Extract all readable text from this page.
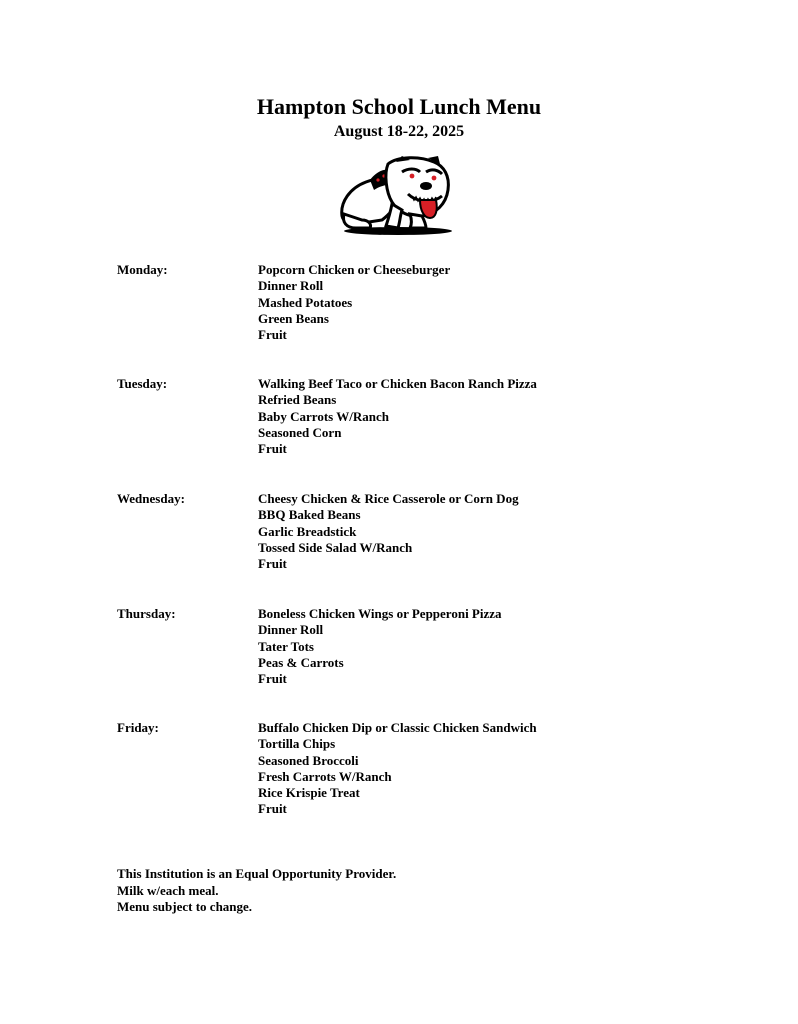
Hampton School Lunch Menu
August 18-22, 2025
Monday:	Popcorn Chicken or Cheeseburger
Dinner Roll
Mashed Potatoes
Green Beans
Fruit
Tuesday:	Walking Beef Taco or Chicken Bacon Ranch Pizza
Refried Beans
Baby Carrots W/Ranch
Seasoned Corn
Fruit
Wednesday:	Cheesy Chicken & Rice Casserole or Corn Dog
BBQ Baked Beans
Garlic Breadstick
Tossed Side Salad W/Ranch
Fruit
Thursday:	Boneless Chicken Wings or Pepperoni Pizza
Dinner Roll
Tater Tots
Peas & Carrots
Fruit
Friday:	Buffalo Chicken Dip or Classic Chicken Sandwich
Tortilla Chips
Seasoned Broccoli
Fresh Carrots W/Ranch
Rice Krispie Treat
Fruit
This Institution is an Equal Opportunity Provider.
Milk w/each meal.
Menu subject to change.
